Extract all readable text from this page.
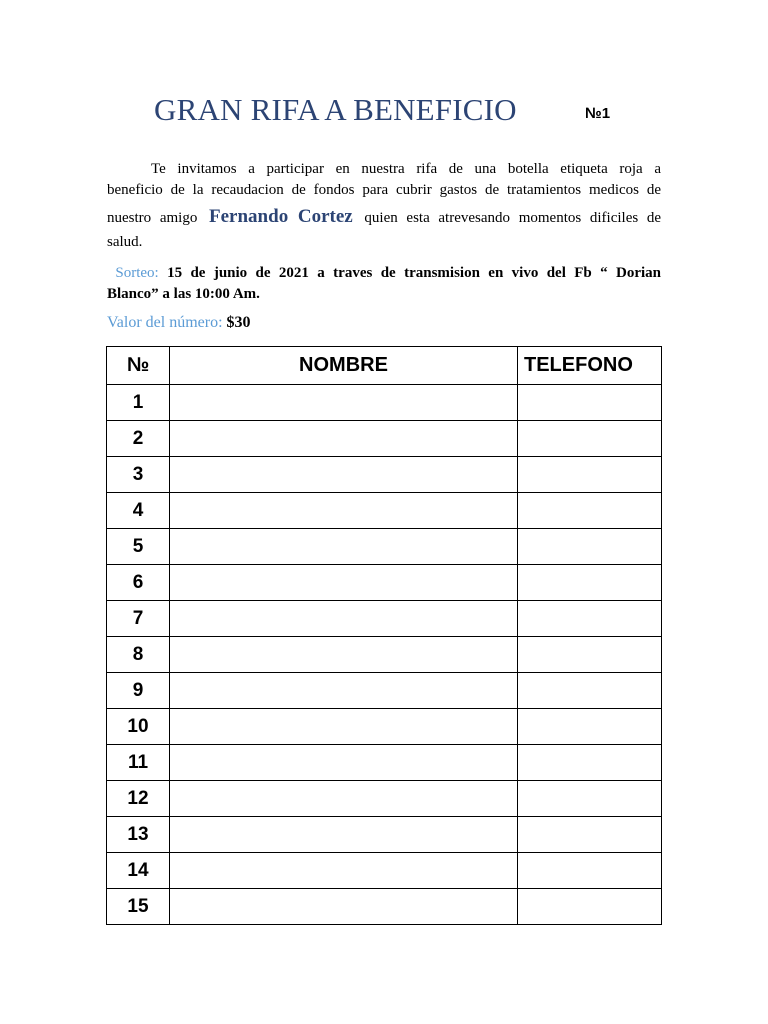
GRAN RIFA A BENEFICIO	№1
Te invitamos a participar en nuestra rifa de una botella etiqueta roja a
beneficio de la recaudacion de fondos para cubrir gastos de tratamientos medicos de
nuestro amigo Fernando Cortez quien esta atrevesando momentos dificiles de
salud.
Sorteo: 15 de junio de 2021 a traves de transmision en vivo del Fb “ Dorian
Blanco” a las 10:00 Am.
Valor del número: $30
№	NOMBRE	TELEFONO
1		
2		
3		
4		
5		
6		
7		
8		
9		
10		
11		
12		
13		
14		
15		
